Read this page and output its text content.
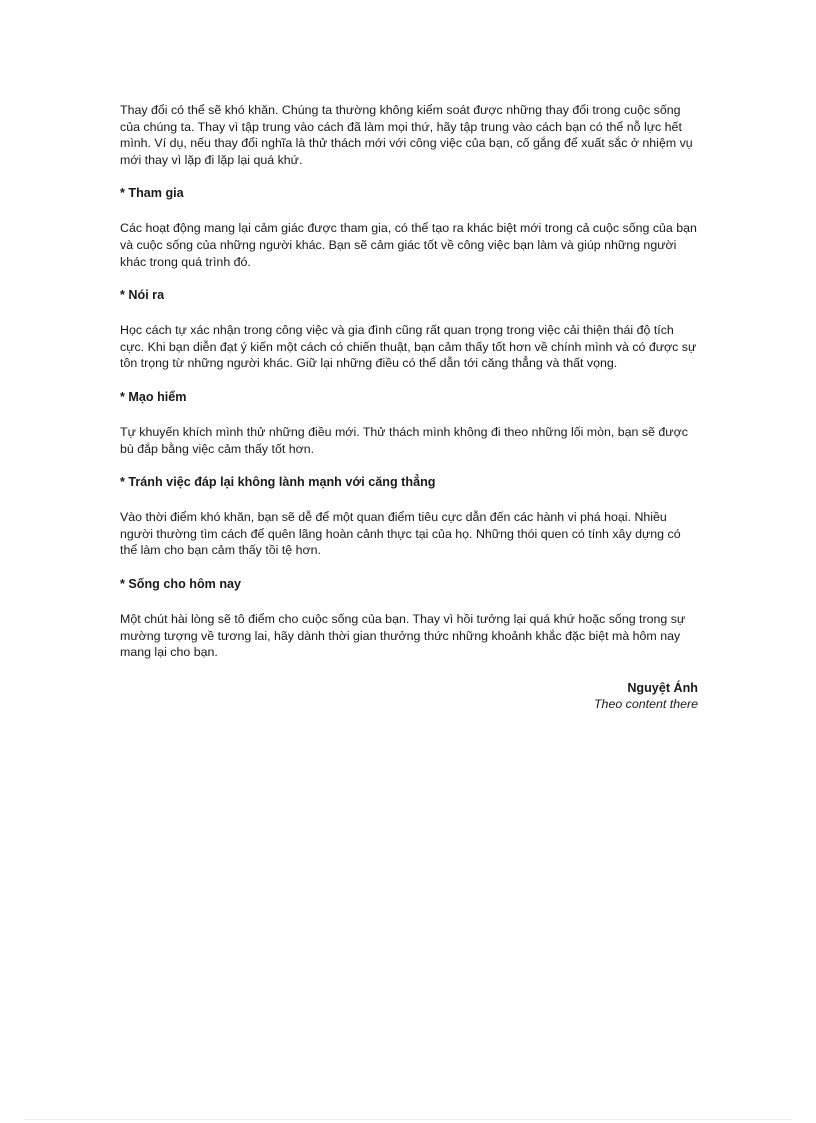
Thay đổi có thể sẽ khó khăn. Chúng ta thường không kiểm soát được những thay đổi trong cuộc sống của chúng ta. Thay vì tập trung vào cách đã làm mọi thứ, hãy tập trung vào cách bạn có thể nỗ lực hết mình. Ví dụ, nếu thay đổi nghĩa là thử thách mới với công việc của bạn, cố gắng để xuất sắc ở nhiệm vụ mới thay vì lặp đi lặp lại quá khứ.

* Tham gia

Các hoạt động mang lại cảm giác được tham gia, có thể tạo ra khác biệt mới trong cả cuộc sống của bạn và cuộc sống của những người khác. Bạn sẽ cảm giác tốt về công việc bạn làm và giúp những người khác trong quá trình đó.

* Nói ra

Học cách tự xác nhận trong công việc và gia đình cũng rất quan trọng trong việc cải thiện thái độ tích cực. Khi bạn diễn đạt ý kiến một cách có chiến thuật, bạn cảm thấy tốt hơn về chính mình và có được sự tôn trọng từ những người khác. Giữ lại những điều có thể dẫn tới căng thẳng và thất vọng.

* Mạo hiểm

Tự khuyến khích mình thử những điều mới. Thử thách mình không đi theo những lối mòn, bạn sẽ được bù đắp bằng việc cảm thấy tốt hơn.

* Tránh việc đáp lại không lành mạnh với căng thẳng

Vào thời điểm khó khăn, bạn sẽ dễ để một quan điểm tiêu cực dẫn đến các hành vi phá hoại. Nhiều người thường tìm cách để quên lãng hoàn cảnh thực tại của họ. Những thói quen có tính xây dựng có thể làm cho bạn cảm thấy tồi tệ hơn.

* Sống cho hôm nay

Một chút hài lòng sẽ tô điểm cho cuộc sống của bạn. Thay vì hồi tưởng lại quá khứ hoặc sống trong sự mường tượng về tương lai, hãy dành thời gian thưởng thức những khoảnh khắc đặc biệt mà hôm nay mang lại cho bạn.

Nguyệt Ánh
Theo content there
